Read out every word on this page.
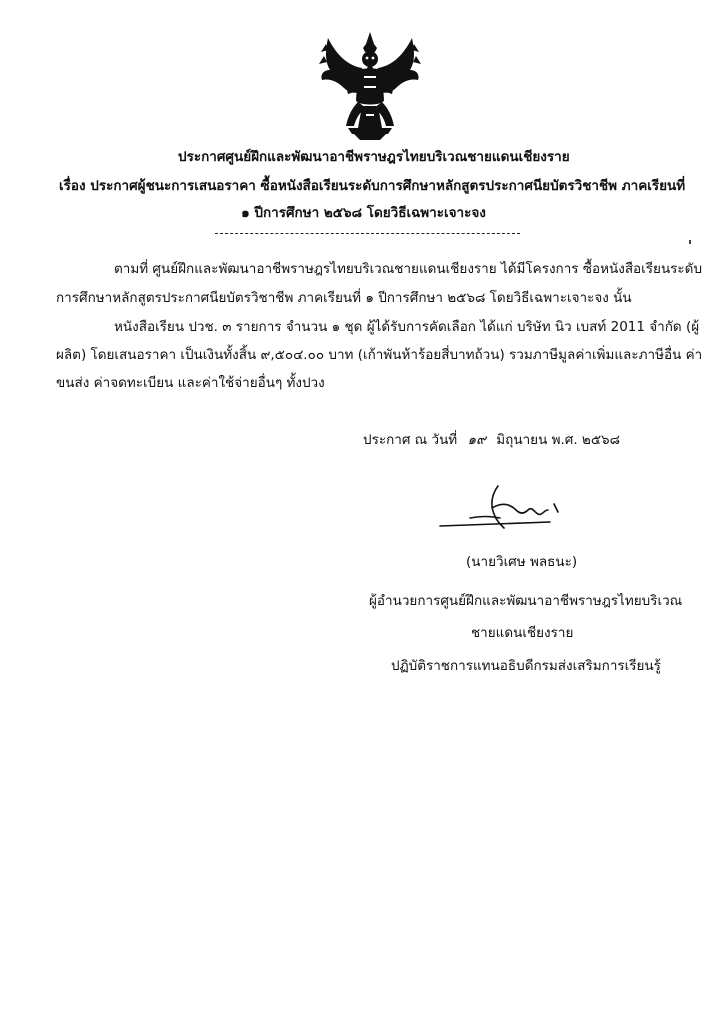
ประกาศศูนย์ฝึกและพัฒนาอาชีพราษฎรไทยบริเวณชายแดนเชียงราย
เรื่อง ประกาศผู้ชนะการเสนอราคา ซื้อหนังสือเรียนระดับการศึกษาหลักสูตรประกาศนียบัตรวิชาชีพ ภาคเรียนที่
๑ ปีการศึกษา ๒๕๖๘ โดยวิธีเฉพาะเจาะจง
ตามที่ ศูนย์ฝึกและพัฒนาอาชีพราษฎรไทยบริเวณชายแดนเชียงราย ได้มีโครงการ ซื้อหนังสือเรียนระดับ
การศึกษาหลักสูตรประกาศนียบัตรวิชาชีพ ภาคเรียนที่ ๑ ปีการศึกษา ๒๕๖๘ โดยวิธีเฉพาะเจาะจง นั้น
หนังสือเรียน ปวช. ๓ รายการ จำนวน ๑ ชุด ผู้ได้รับการคัดเลือก ได้แก่ บริษัท นิว เบสท์ 2011 จำกัด (ผู้
ผลิต) โดยเสนอราคา เป็นเงินทั้งสิ้น ๙,๕๐๔.๐๐ บาท (เก้าพันห้าร้อยสี่บาทถ้วน) รวมภาษีมูลค่าเพิ่มและภาษีอื่น ค่า
ขนส่ง ค่าจดทะเบียน และค่าใช้จ่ายอื่นๆ ทั้งปวง
ประกาศ ณ วันที่ ๑๙ มิถุนายน พ.ศ. ๒๕๖๘
(นายวิเศษ พลธนะ)
ผู้อำนวยการศูนย์ฝึกและพัฒนาอาชีพราษฎรไทยบริเวณ
ชายแดนเชียงราย
ปฏิบัติราชการแทนอธิบดีกรมส่งเสริมการเรียนรู้
